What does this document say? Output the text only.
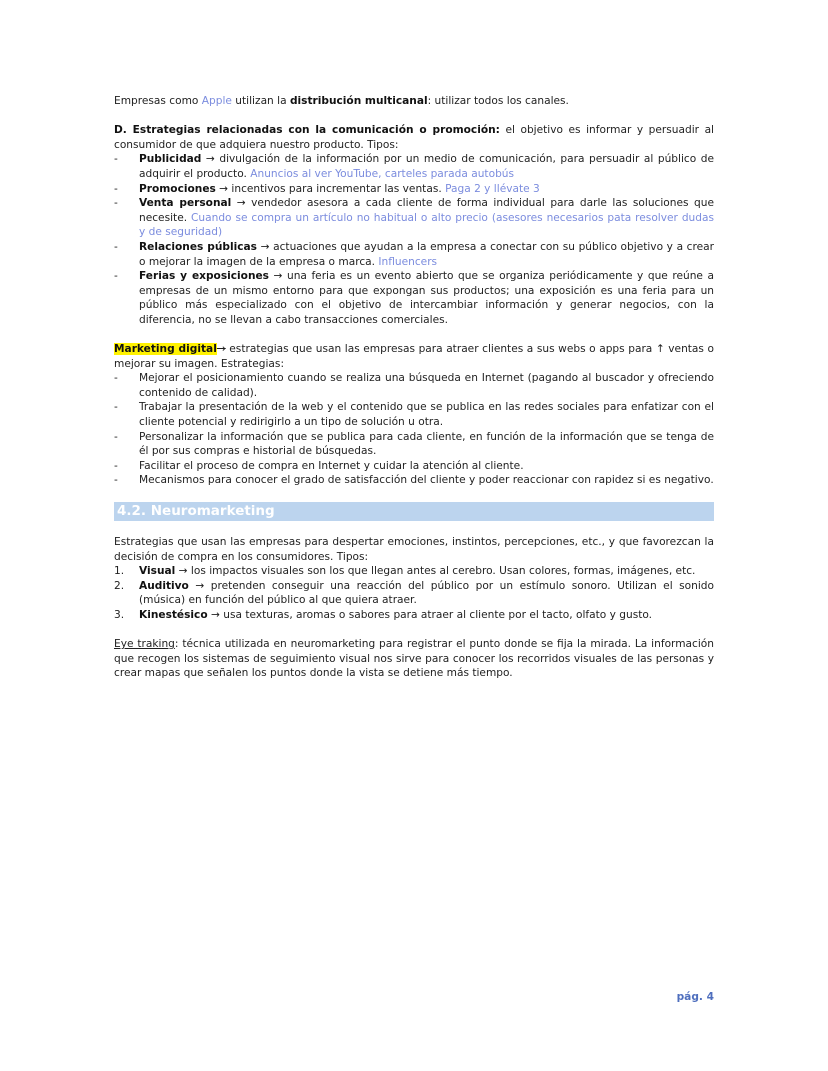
Empresas como Apple utilizan la distribución multicanal: utilizar todos los canales.

D. Estrategias relacionadas con la comunicación o promoción: el objetivo es informar y persuadir al consumidor de que adquiera nuestro producto. Tipos:

- Publicidad → divulgación de la información por un medio de comunicación, para persuadir al público de adquirir el producto. Anuncios al ver YouTube, carteles parada autobús
- Promociones → incentivos para incrementar las ventas. Paga 2 y llévate 3
- Venta personal → vendedor asesora a cada cliente de forma individual para darle las soluciones que necesite. Cuando se compra un artículo no habitual o alto precio (asesores necesarios pata resolver dudas y de seguridad)
- Relaciones públicas → actuaciones que ayudan a la empresa a conectar con su público objetivo y a crear o mejorar la imagen de la empresa o marca. Influencers
- Ferias y exposiciones → una feria es un evento abierto que se organiza periódicamente y que reúne a empresas de un mismo entorno para que expongan sus productos; una exposición es una feria para un público más especializado con el objetivo de intercambiar información y generar negocios, con la diferencia, no se llevan a cabo transacciones comerciales.

Marketing digital→ estrategias que usan las empresas para atraer clientes a sus webs o apps para ↑ ventas o mejorar su imagen. Estrategias:

- Mejorar el posicionamiento cuando se realiza una búsqueda en Internet (pagando al buscador y ofreciendo contenido de calidad).
- Trabajar la presentación de la web y el contenido que se publica en las redes sociales para enfatizar con el cliente potencial y redirigirlo a un tipo de solución u otra.
- Personalizar la información que se publica para cada cliente, en función de la información que se tenga de él por sus compras e historial de búsquedas.
- Facilitar el proceso de compra en Internet y cuidar la atención al cliente.
- Mecanismos para conocer el grado de satisfacción del cliente y poder reaccionar con rapidez si es negativo.
4.2. Neuromarketing

Estrategias que usan las empresas para despertar emociones, instintos, percepciones, etc., y que favorezcan la decisión de compra en los consumidores. Tipos:

1. Visual → los impactos visuales son los que llegan antes al cerebro. Usan colores, formas, imágenes, etc.
2. Auditivo → pretenden conseguir una reacción del público por un estímulo sonoro. Utilizan el sonido (música) en función del público al que quiera atraer.
3. Kinestésico → usa texturas, aromas o sabores para atraer al cliente por el tacto, olfato y gusto.

Eye traking: técnica utilizada en neuromarketing para registrar el punto donde se fija la mirada. La información que recogen los sistemas de seguimiento visual nos sirve para conocer los recorridos visuales de las personas y crear mapas que señalen los puntos donde la vista se detiene más tiempo.

pág. 4
